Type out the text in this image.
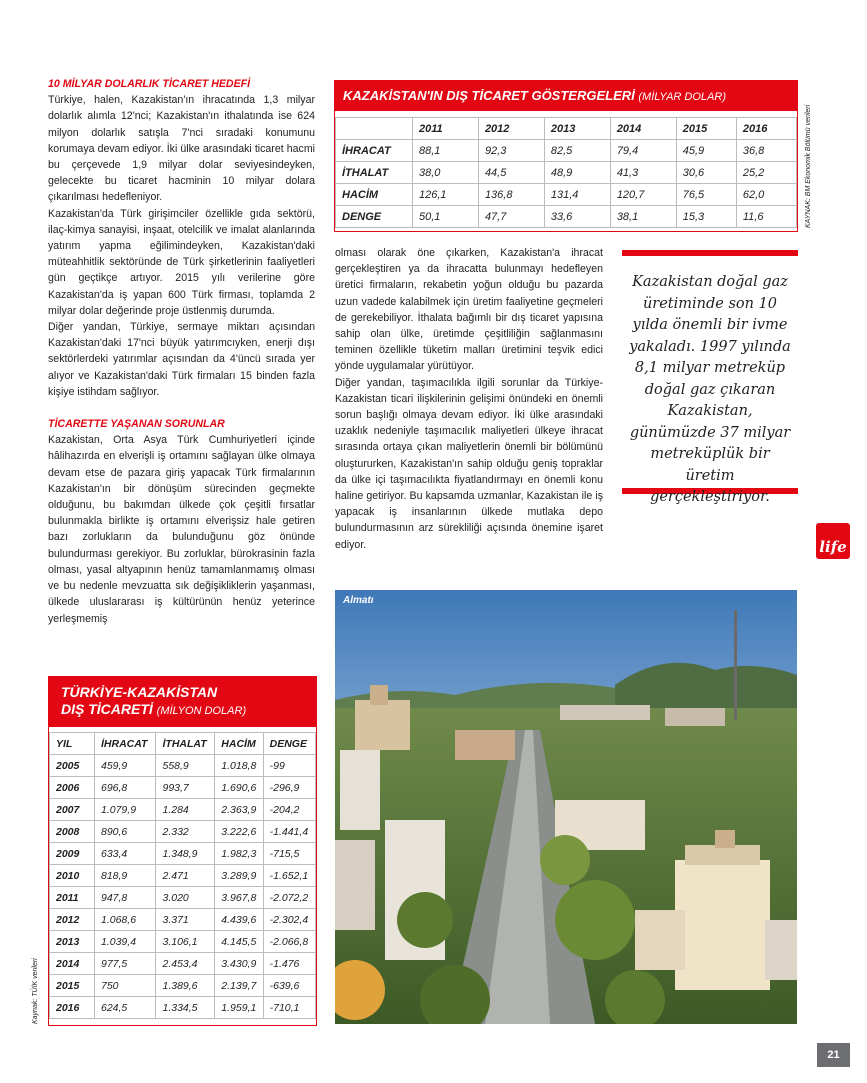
10 MİLYAR DOLARLIK TİCARET HEDEFİ

Türkiye, halen, Kazakistan'ın ihracatında 1,3 milyar dolarlık alımla 12'nci; Kazakistan'ın ithalatında ise 624 milyon dolarlık satışla 7'nci sıradaki konumunu korumaya devam ediyor. İki ülke arasındaki ticaret hacmi bu çerçevede 1,9 milyar dolar seviyesindeyken, gelecekte bu ticaret hacminin 10 milyar dolara çıkarılması hedefleniyor.

Kazakistan'da Türk girişimciler özellikle gıda sektörü, ilaç-kimya sanayisi, inşaat, otelcilik ve imalat alanlarında yatırım yapma eğilimindeyken, Kazakistan'daki müteahhitlik sektöründe de Türk şirketlerinin faaliyetleri gün geçtikçe artıyor. 2015 yılı verilerine göre Kazakistan'da iş yapan 600 Türk firması, toplamda 2 milyar dolar değerinde proje üstlenmiş durumda.

Diğer yandan, Türkiye, sermaye miktarı açısından Kazakistan'daki 17'nci büyük yatırımcıyken, enerji dışı sektörlerdeki yatırımlar açısından da 4'üncü sırada yer alıyor ve Kazakistan'daki Türk firmaları 15 binden fazla kişiye istihdam sağlıyor.

TİCARETTE YAŞANAN SORUNLAR

Kazakistan, Orta Asya Türk Cumhuriyetleri içinde hâlihazırda en elverişli iş ortamını sağlayan ülke olmaya devam etse de pazara giriş yapacak Türk firmalarının Kazakistan'ın bir dönüşüm sürecinden geçmekte olduğunu, bu bakımdan ülkede çok çeşitli fırsatlar bulunmakla birlikte iş ortamını elverişsiz hale getiren bazı zorlukların da bulunduğunu göz önünde bulundurması gerekiyor. Bu zorluklar, bürokrasinin fazla olması, yasal altyapının henüz tamamlanmamış olması ve bu nedenle mevzuatta sık değişikliklerin yaşanması, ülkede uluslararası iş kültürünün henüz yeterince yerleşmemiş

olması olarak öne çıkarken, Kazakistan'a ihracat gerçekleştiren ya da ihracatta bulunmayı hedefleyen üretici firmaların, rekabetin yoğun olduğu bu pazarda uzun vadede kalabilmek için üretim faaliyetine geçmeleri de gerekebiliyor. İthalata bağımlı bir dış ticaret yapısına sahip olan ülke, üretimde çeşitliliğin sağlanmasını teminen özellikle tüketim malları üretimini teşvik edici yönde uygulamalar yürütüyor.

Diğer yandan, taşımacılıkla ilgili sorunlar da Türkiye-Kazakistan ticari ilişkilerinin gelişimi önündeki en önemli sorun başlığı olmaya devam ediyor. İki ülke arasındaki uzaklık nedeniyle taşımacılık maliyetleri ülkeye ihracat sırasında ortaya çıkan maliyetlerin önemli bir bölümünü oluştururken, Kazakistan'ın sahip olduğu geniş topraklar da ülke içi taşımacılıkta fiyatlandırmayı en önemli konu haline getiriyor. Bu kapsamda uzmanlar, Kazakistan ile iş yapacak iş insanlarının ülkede mutlaka depo bulundurmasının arz sürekliliği açısında önemine işaret ediyor.

KAZAKİSTAN'IN DIŞ TİCARET GÖSTERGELERİ (MİLYAR DOLAR)
	2011	2012	2013	2014	2015	2016
İHRACAT	88,1	92,3	82,5	79,4	45,9	36,8
İTHALAT	38,0	44,5	48,9	41,3	30,6	25,2
HACİM	126,1	136,8	131,4	120,7	76,5	62,0
DENGE	50,1	47,7	33,6	38,1	15,3	11,6	KAYNAK: BM Ekonomik Bölümü verileri

Kazakistan doğal gaz üretiminde son 10 yılda önemli bir ivme yakaladı. 1997 yılında 8,1 milyar metreküp doğal gaz çıkaran Kazakistan, günümüzde 37 milyar metreküplük bir üretim gerçekleştiriyor.

life
TÜRKİYE-KAZAKİSTAN
DIŞ TİCARETİ (MİLYON DOLAR)
YIL	İHRACAT	İTHALAT	HACİM	DENGE
2005	459,9	558,9	1.018,8	-99
2006	696,8	993,7	1.690,6	-296,9
2007	1.079,9	1.284	2.363,9	-204,2
2008	890,6	2.332	3.222,6	-1.441,4
2009	633,4	1.348,9	1.982,3	-715,5
2010	818,9	2.471	3.289,9	-1.652,1
2011	947,8	3.020	3.967,8	-2.072,2
2012	1.068,6	3.371	4.439,6	-2.302,4
2013	1.039,4	3.106,1	4.145,5	-2.066,8
2014	977,5	2.453,4	3.430,9	-1.476
2015	750	1.389,6	2.139,7	-639,6
2016	624,5	1.334,5	1.959,1	-710,1
Kaynak: TÜİK verileri
Almatı
21
